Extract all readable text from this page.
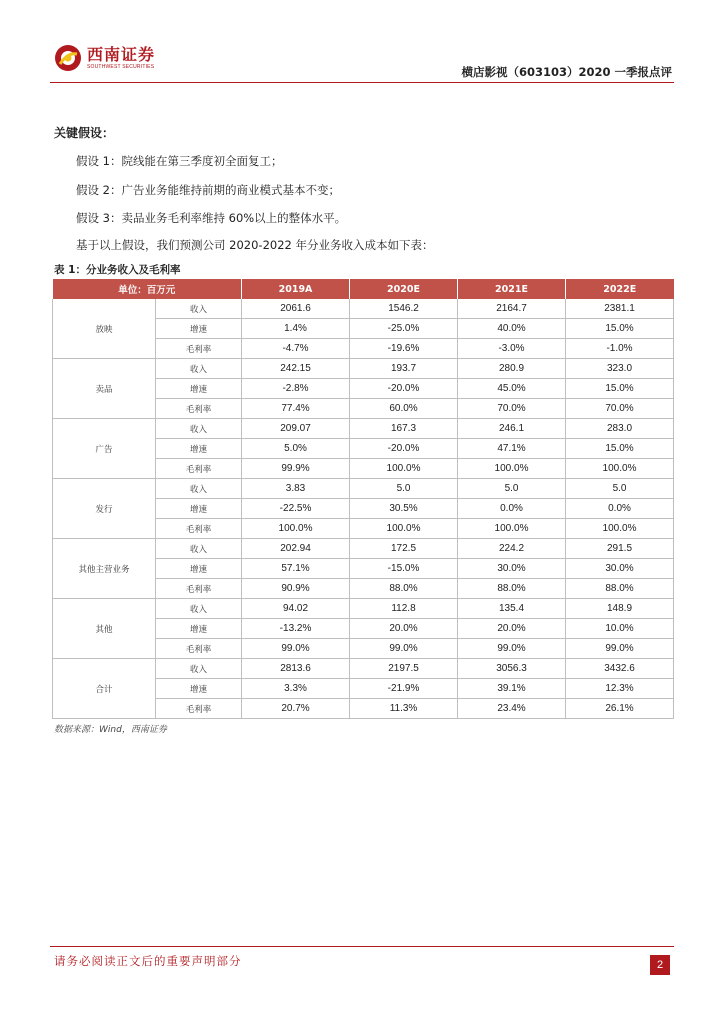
西南证券
SOUTHWEST SECURITIES	横店影视（603103）2020 一季报点评
关键假设：
假设 1：院线能在第三季度初全面复工；
假设 2：广告业务能维持前期的商业模式基本不变；
假设 3：卖品业务毛利率维持 60%以上的整体水平。
基于以上假设，我们预测公司 2020-2022 年分业务收入成本如下表：
表 1：分业务收入及毛利率
单位：百万元		2019A	2020E	2021E	2022E
放映	收入	2061.6	1546.2	2164.7	2381.1
	增速	1.4%	-25.0%	40.0%	15.0%
	毛利率	-4.7%	-19.6%	-3.0%	-1.0%
卖品	收入	242.15	193.7	280.9	323.0
	增速	-2.8%	-20.0%	45.0%	15.0%
	毛利率	77.4%	60.0%	70.0%	70.0%
广告	收入	209.07	167.3	246.1	283.0
	增速	5.0%	-20.0%	47.1%	15.0%
	毛利率	99.9%	100.0%	100.0%	100.0%
发行	收入	3.83	5.0	5.0	5.0
	增速	-22.5%	30.5%	0.0%	0.0%
	毛利率	100.0%	100.0%	100.0%	100.0%
其他主营业务	收入	202.94	172.5	224.2	291.5
	增速	57.1%	-15.0%	30.0%	30.0%
	毛利率	90.9%	88.0%	88.0%	88.0%
其他	收入	94.02	112.8	135.4	148.9
	增速	-13.2%	20.0%	20.0%	10.0%
	毛利率	99.0%	99.0%	99.0%	99.0%
合计	收入	2813.6	2197.5	3056.3	3432.6
	增速	3.3%	-21.9%	39.1%	12.3%
	毛利率	20.7%	11.3%	23.4%	26.1%
数据来源：Wind，西南证券
请务必阅读正文后的重要声明部分	2
